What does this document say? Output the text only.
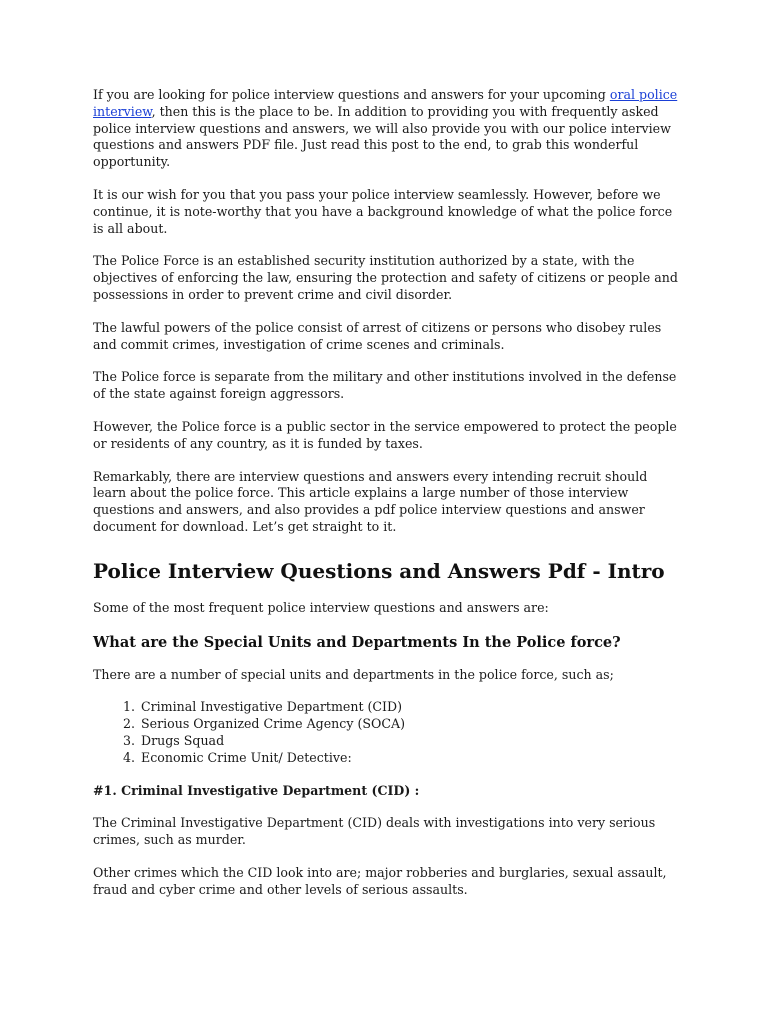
If you are looking for police interview questions and answers for your upcoming oral police interview, then this is the place to be. In addition to providing you with frequently asked police interview questions and answers, we will also provide you with our police interview questions and answers PDF file. Just read this post to the end, to grab this wonderful opportunity.

It is our wish for you that you pass your police interview seamlessly. However, before we continue, it is note-worthy that you have a background knowledge of what the police force is all about.

The Police Force is an established security institution authorized by a state, with the objectives of enforcing the law, ensuring the protection and safety of citizens or people and possessions in order to prevent crime and civil disorder.

The lawful powers of the police consist of arrest of citizens or persons who disobey rules and commit crimes, investigation of crime scenes and criminals.

The Police force is separate from the military and other institutions involved in the defense of the state against foreign aggressors.

However, the Police force is a public sector in the service empowered to protect the people or residents of any country, as it is funded by taxes.

Remarkably, there are interview questions and answers every intending recruit should learn about the police force. This article explains a large number of those interview questions and answers, and also provides a pdf police interview questions and answer document for download. Let’s get straight to it.

Police Interview Questions and Answers Pdf - Intro

Some of the most frequent police interview questions and answers are:

What are the Special Units and Departments In the Police force?

There are a number of special units and departments in the police force, such as;

1. Criminal Investigative Department (CID)
2. Serious Organized Crime Agency (SOCA)
3. Drugs Squad
4. Economic Crime Unit/ Detective:
#1. Criminal Investigative Department (CID) :

The Criminal Investigative Department (CID) deals with investigations into very serious crimes, such as murder.

Other crimes which the CID look into are; major robberies and burglaries, sexual assault, fraud and cyber crime and other levels of serious assaults.
